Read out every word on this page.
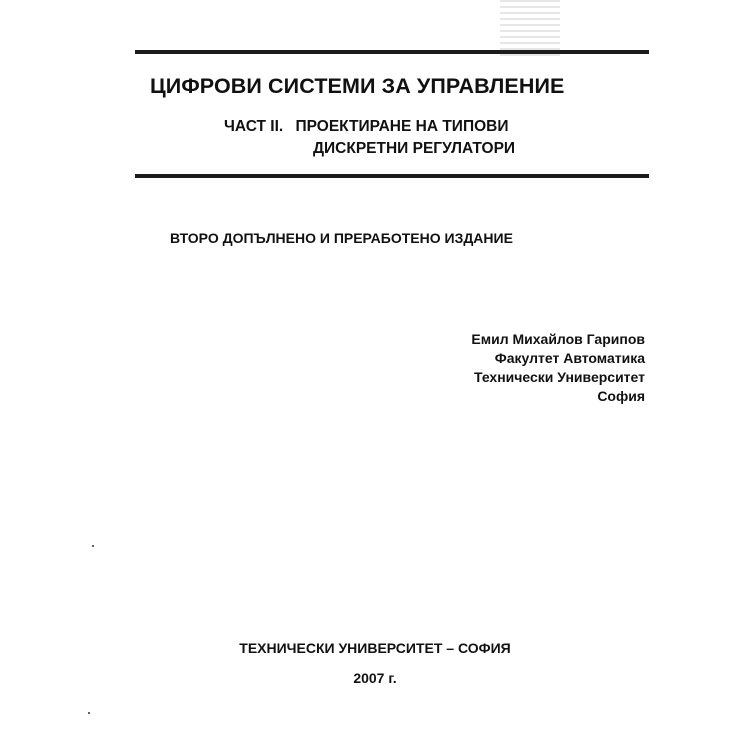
ЦИФРОВИ СИСТЕМИ ЗА УПРАВЛЕНИЕ
ЧАСТ II. ПРОЕКТИРАНЕ НА ТИПОВИ
ДИСКРЕТНИ РЕГУЛАТОРИ
ВТОРО ДОПЪЛНЕНО И ПРЕРАБОТЕНО ИЗДАНИЕ
Емил Михайлов Гарипов
Факултет Автоматика
Технически Университет
София
ТЕХНИЧЕСКИ УНИВЕРСИТЕТ – СОФИЯ
2007 г.
